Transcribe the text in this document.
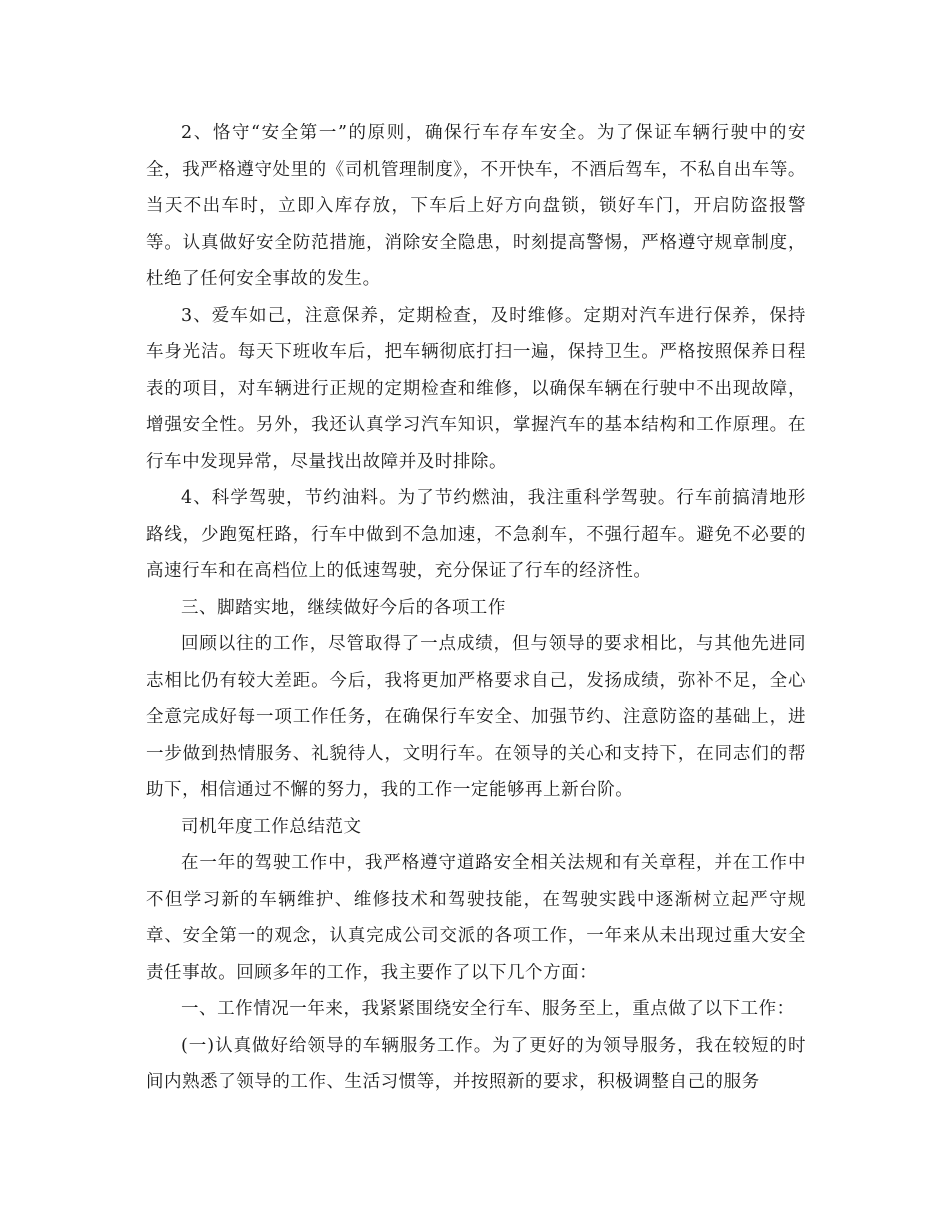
2、恪守“安全第一”的原则，确保行车存车安全。为了保证车辆行驶中的安全，我严格遵守处里的《司机管理制度》，不开快车，不酒后驾车，不私自出车等。当天不出车时，立即入库存放，下车后上好方向盘锁，锁好车门，开启防盗报警等。认真做好安全防范措施，消除安全隐患，时刻提高警惕，严格遵守规章制度，杜绝了任何安全事故的发生。

3、爱车如己，注意保养，定期检查，及时维修。定期对汽车进行保养，保持车身光洁。每天下班收车后，把车辆彻底打扫一遍，保持卫生。严格按照保养日程表的项目，对车辆进行正规的定期检查和维修，以确保车辆在行驶中不出现故障，增强安全性。另外，我还认真学习汽车知识，掌握汽车的基本结构和工作原理。在行车中发现异常，尽量找出故障并及时排除。

4、科学驾驶，节约油料。为了节约燃油，我注重科学驾驶。行车前搞清地形路线，少跑冤枉路，行车中做到不急加速，不急刹车，不强行超车。避免不必要的高速行车和在高档位上的低速驾驶，充分保证了行车的经济性。

三、脚踏实地，继续做好今后的各项工作

回顾以往的工作，尽管取得了一点成绩，但与领导的要求相比，与其他先进同志相比仍有较大差距。今后，我将更加严格要求自己，发扬成绩，弥补不足，全心全意完成好每一项工作任务，在确保行车安全、加强节约、注意防盗的基础上，进一步做到热情服务、礼貌待人，文明行车。在领导的关心和支持下，在同志们的帮助下，相信通过不懈的努力，我的工作一定能够再上新台阶。

司机年度工作总结范文

在一年的驾驶工作中，我严格遵守道路安全相关法规和有关章程，并在工作中不但学习新的车辆维护、维修技术和驾驶技能，在驾驶实践中逐渐树立起严守规章、安全第一的观念，认真完成公司交派的各项工作，一年来从未出现过重大安全责任事故。回顾多年的工作，我主要作了以下几个方面：

一、工作情况一年来，我紧紧围绕安全行车、服务至上，重点做了以下工作：

(一)认真做好给领导的车辆服务工作。为了更好的为领导服务，我在较短的时间内熟悉了领导的工作、生活习惯等，并按照新的要求，积极调整自己的服务
